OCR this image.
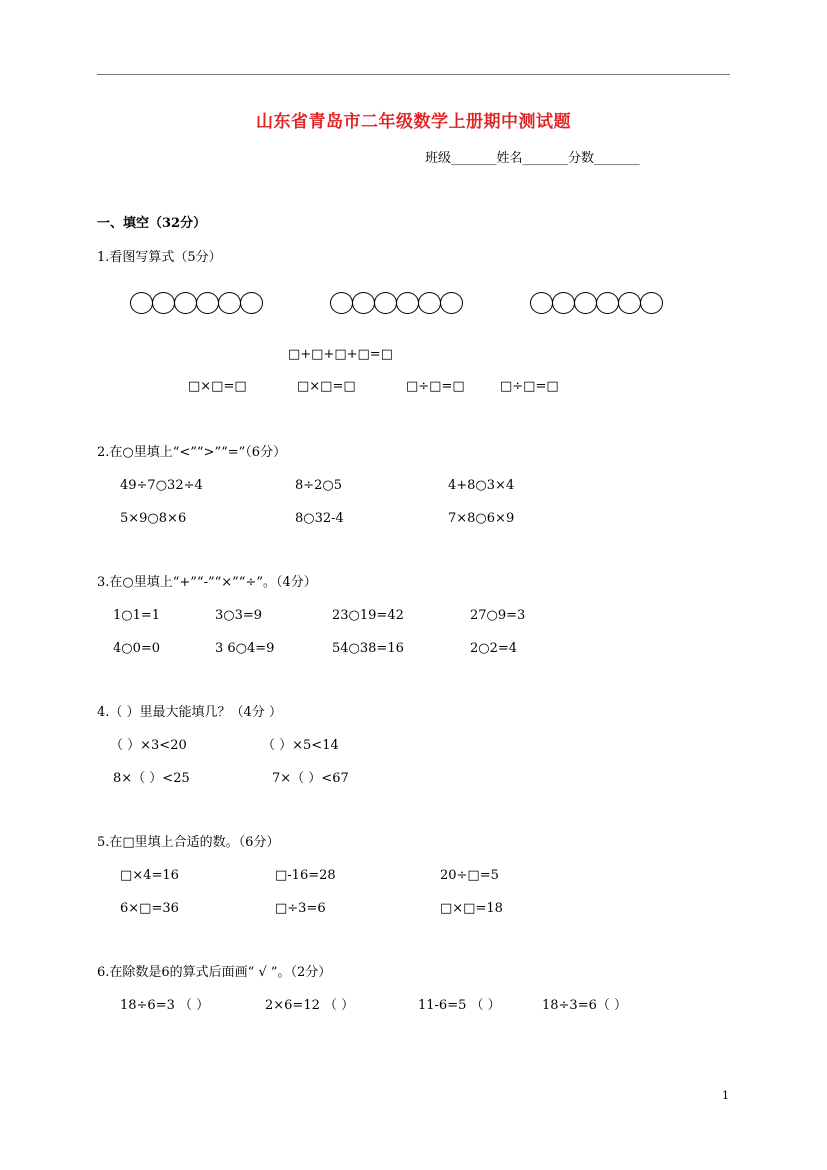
山东省青岛市二年级数学上册期中测试题
班级_______姓名_______分数_______
一、填空（32分）
1.看图写算式（5分）
□+□+□+□=□
□×□=□	□×□=□	□÷□=□	□÷□=□
2.在○里填上“<”“>”“=”（6分）
49÷7○32÷4	8÷2○5	4+8○3×4
5×9○8×6	8○32-4	7×8○6×9
3.在○里填上“+”“-”“×”“÷”。（4分）
1○1=1	3○3=9	23○19=42	27○9=3
4○0=0	3 6○4=9	54○38=16	2○2=4
4.（ ）里最大能填几？（4分 ）
（ ）×3<20	（ ）×5<14
8×（ ）<25	7×（ ）<67
5.在□里填上合适的数。（6分）
□×4=16	□-16=28	20÷□=5
6×□=36	□÷3=6	□×□=18
6.在除数是6的算式后面画“ √ ”。（2分）
18÷6=3 （ ）	2×6=12 （ ）	11-6=5 （ ）	18÷3=6（ ）
1
